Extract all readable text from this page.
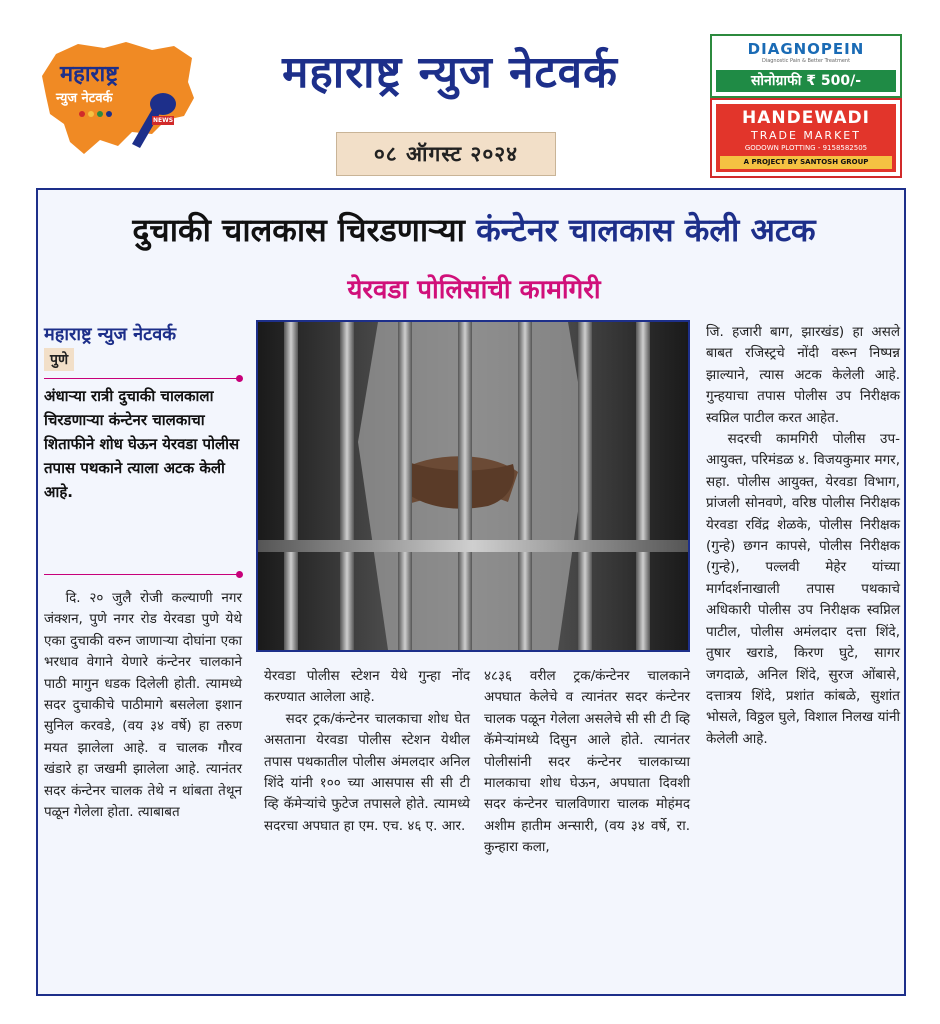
महाराष्ट्र
न्युज नेटवर्क
NEWS
महाराष्ट्र न्युज नेटवर्क
०८ ऑगस्ट २०२४
DIAGNOPEIN
Diagnostic Pain & Better Treatment
सोनोग्राफी ₹ 500/-
HANDEWADI
TRADE MARKET
GODOWN PLOTTING - 9158582505
A PROJECT BY SANTOSH GROUP
दुचाकी चालकास चिरडणाऱ्या कंन्टेनर चालकास केली अटक
येरवडा पोलिसांची कामगिरी
महाराष्ट्र न्युज नेटवर्क
पुणे
अंधाऱ्या रात्री दुचाकी चालकाला चिरडणाऱ्या कंन्टेनर चालकाचा शिताफीने शोध घेऊन येरवडा पोलीस तपास पथकाने त्याला अटक केली आहे.

दि. २० जुलै रोजी कल्याणी नगर जंक्शन, पुणे नगर रोड येरवडा पुणे येथे एका दुचाकी वरुन जाणाऱ्या दोघांना एका भरधाव वेगाने येणारे कंन्टेनर चालकाने पाठी मागुन धडक दिलेली होती. त्यामध्ये सदर दुचाकीचे पाठीमागे बसलेला इशान सुनिल करवडे, (वय ३४ वर्षे) हा तरुण मयत झालेला आहे. व चालक गौरव खंडारे हा जखमी झालेला आहे. त्यानंतर सदर कंन्टेनर चालक तेथे न थांबता तेथून पळून गेलेला होता. त्याबाबत

येरवडा पोलीस स्टेशन येथे गुन्हा नोंद करण्यात आलेला आहे.

सदर ट्रक/कंन्टेनर चालकाचा शोध घेत असताना येरवडा पोलीस स्टेशन येथील तपास पथकातील पोलीस अंमलदार अनिल शिंदे यांनी १०० च्या आसपास सी सी टी व्हि कॅमेऱ्यांचे फुटेज तपासले होते. त्यामध्ये सदरचा अपघात हा एम. एच. ४६ ए. आर.

४८३६ वरील ट्रक/कंन्टेनर चालकाने अपघात केलेचे व त्यानंतर सदर कंन्टेनर चालक पळून गेलेला असलेचे सी सी टी व्हि कॅमेऱ्यांमध्ये दिसुन आले होते. त्यानंतर पोलीसांनी सदर कंन्टेनर चालकाच्या मालकाचा शोध घेऊन, अपघाता दिवशी सदर कंन्टेनर चालविणारा चालक मोहंमद अशीम हातीम अन्सारी, (वय ३४ वर्षे, रा. कुन्हारा कला,

जि. हजारी बाग, झारखंड) हा असले बाबत रजिस्ट्रचे नोंदी वरून निष्पन्न झाल्याने, त्यास अटक केलेली आहे. गुन्हयाचा तपास पोलीस उप निरीक्षक स्वप्निल पाटील करत आहेत.

सदरची कामगिरी पोलीस उप-आयुक्त, परिमंडळ ४. विजयकुमार मगर, सहा. पोलीस आयुक्त, येरवडा विभाग, प्रांजली सोनवणे, वरिष्ठ पोलीस निरीक्षक येरवडा रविंद्र शेळके, पोलीस निरीक्षक (गुन्हे) छगन कापसे, पोलीस निरीक्षक (गुन्हे), पल्लवी मेहेर यांच्या मार्गदर्शनाखाली तपास पथकाचे अधिकारी पोलीस उप निरीक्षक स्वप्निल पाटील, पोलीस अमंलदार दत्ता शिंदे, तुषार खराडे, किरण घुटे, सागर जगदाळे, अनिल शिंदे, सुरज ओंबासे, दत्तात्रय शिंदे, प्रशांत कांबळे, सुशांत भोसले, विठ्ठल घुले, विशाल निलख यांनी केलेली आहे.
